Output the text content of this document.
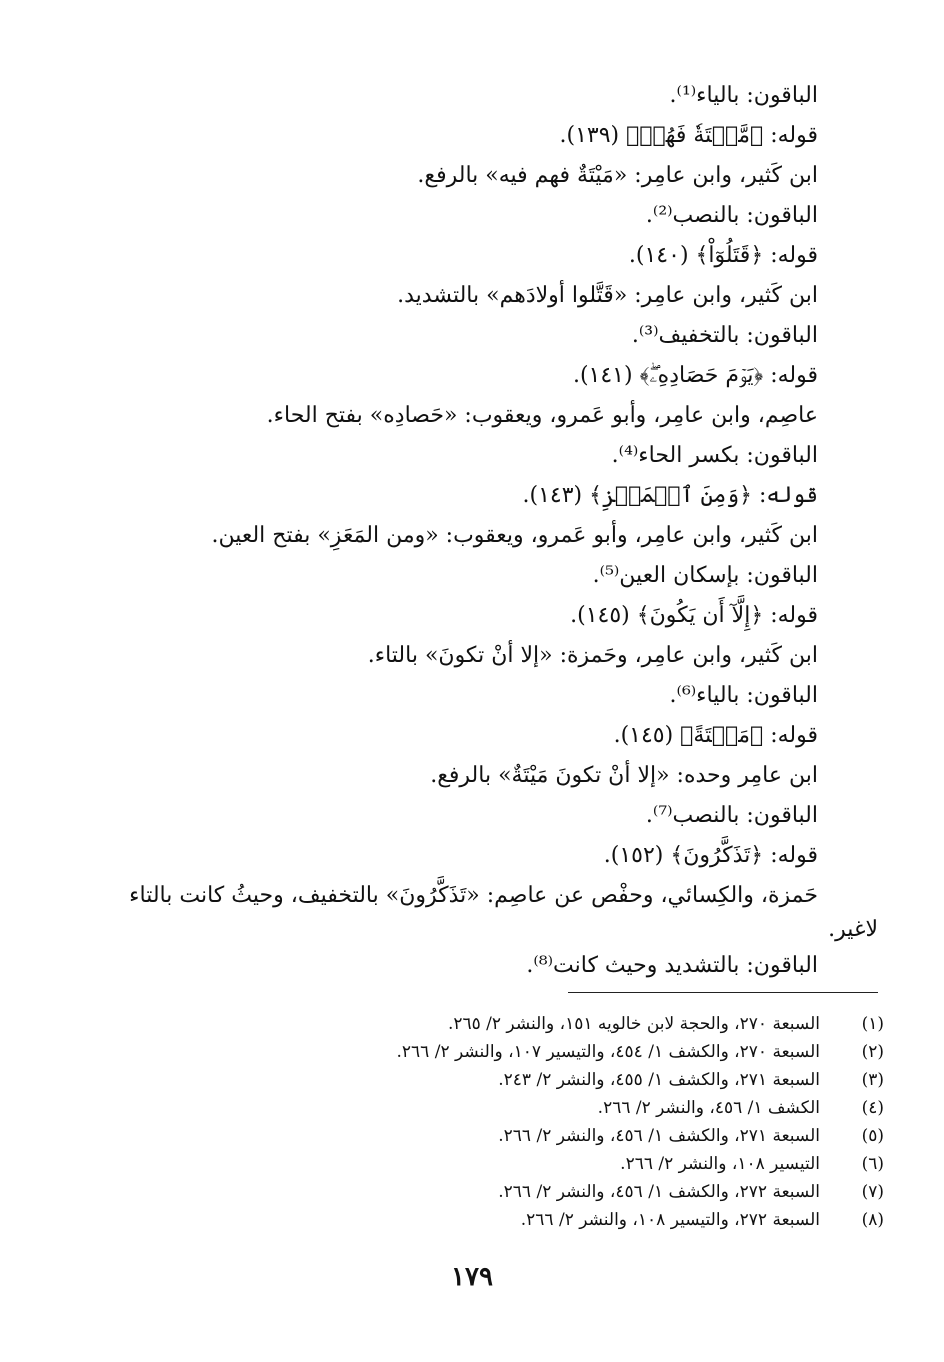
الباقون: بالياء⁽¹⁾.
قوله: ﴿مَّيۡتَةٗ فَهُمۡ﴾ (١٣٩).
ابن كَثير، وابن عامِر: «مَيْتَةٌ فهم فيه» بالرفع.
الباقون: بالنصب⁽²⁾.
قوله: ﴿قَتَلُوٓاْ﴾ (١٤٠).
ابن كَثير، وابن عامِر: «قَتَّلوا أولادَهم» بالتشديد.
الباقون: بالتخفيف⁽³⁾.
قوله: ﴿يَوۡمَ حَصَادِهِۦۖ﴾ (١٤١).
عاصِم، وابن عامِر، وأبو عَمرو، ويعقوب: «حَصادِه» بفتح الحاء.
الباقون: بكسر الحاء⁽⁴⁾.
قوله: ﴿وَمِنَ ٱلۡمَعۡزِ﴾ (١٤٣).
ابن كَثير، وابن عامِر، وأبو عَمرو، ويعقوب: «ومن المَعَزِ» بفتح العين.
الباقون: بإسكان العين⁽⁵⁾.
قوله: ﴿إِلَّآ أَن يَكُونَ﴾ (١٤٥).
ابن كَثير، وابن عامِر، وحَمزة: «إلا أنْ تكونَ» بالتاء.
الباقون: بالياء⁽⁶⁾.
قوله: ﴿مَيۡتَةً﴾ (١٤٥).
ابن عامِر وحده: «إلا أنْ تكونَ مَيْتَةٌ» بالرفع.
الباقون: بالنصب⁽⁷⁾.
قوله: ﴿تَذَكَّرُونَ﴾ (١٥٢).
حَمزة، والكِسائي، وحفْص عن عاصِم: «تَذَكَّرُونَ» بالتخفيف، وحيثُ كانت بالتاء
لاغير.
الباقون: بالتشديد وحيث كانت⁽⁸⁾.
(١)السبعة ٢٧٠، والحجة لابن خالويه ١٥١، والنشر ٢/ ٢٦٥.
(٢)السبعة ٢٧٠، والكشف ١/ ٤٥٤، والتيسير ١٠٧، والنشر ٢/ ٢٦٦.
(٣)السبعة ٢٧١، والكشف ١/ ٤٥٥، والنشر ٢/ ٢٤٣.
(٤)الكشف ١/ ٤٥٦، والنشر ٢/ ٢٦٦.
(٥)السبعة ٢٧١، والكشف ١/ ٤٥٦، والنشر ٢/ ٢٦٦.
(٦)التيسير ١٠٨، والنشر ٢/ ٢٦٦.
(٧)السبعة ٢٧٢، والكشف ١/ ٤٥٦، والنشر ٢/ ٢٦٦.
(٨)السبعة ٢٧٢، والتيسير ١٠٨، والنشر ٢/ ٢٦٦.
١٧٩
